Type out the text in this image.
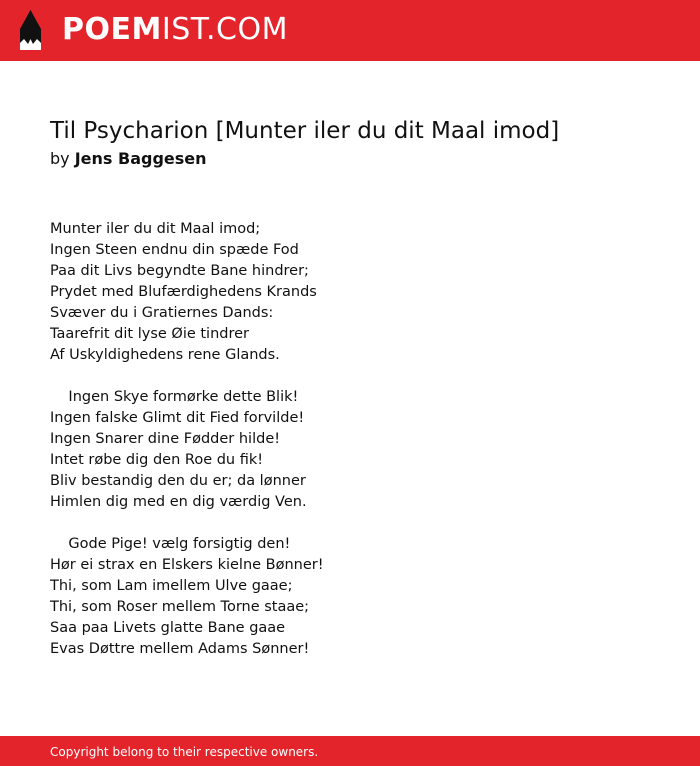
POEMIST.COM
Til Psycharion [Munter iler du dit Maal imod]
by Jens Baggesen
Munter iler du dit Maal imod;
Ingen Steen endnu din spæde Fod
Paa dit Livs begyndte Bane hindrer;
Prydet med Blufærdighedens Krands
Svæver du i Gratiernes Dands:
Taarefrit dit lyse Øie tindrer
Af Uskyldighedens rene Glands.
Ingen Skye formørke dette Blik!
Ingen falske Glimt dit Fied forvilde!
Ingen Snarer dine Fødder hilde!
Intet røbe dig den Roe du fik!
Bliv bestandig den du er; da lønner
Himlen dig med en dig værdig Ven.
Gode Pige! vælg forsigtig den!
Hør ei strax en Elskers kielne Bønner!
Thi, som Lam imellem Ulve gaae;
Thi, som Roser mellem Torne staae;
Saa paa Livets glatte Bane gaae
Evas Døttre mellem Adams Sønner!
Copyright belong to their respective owners.
